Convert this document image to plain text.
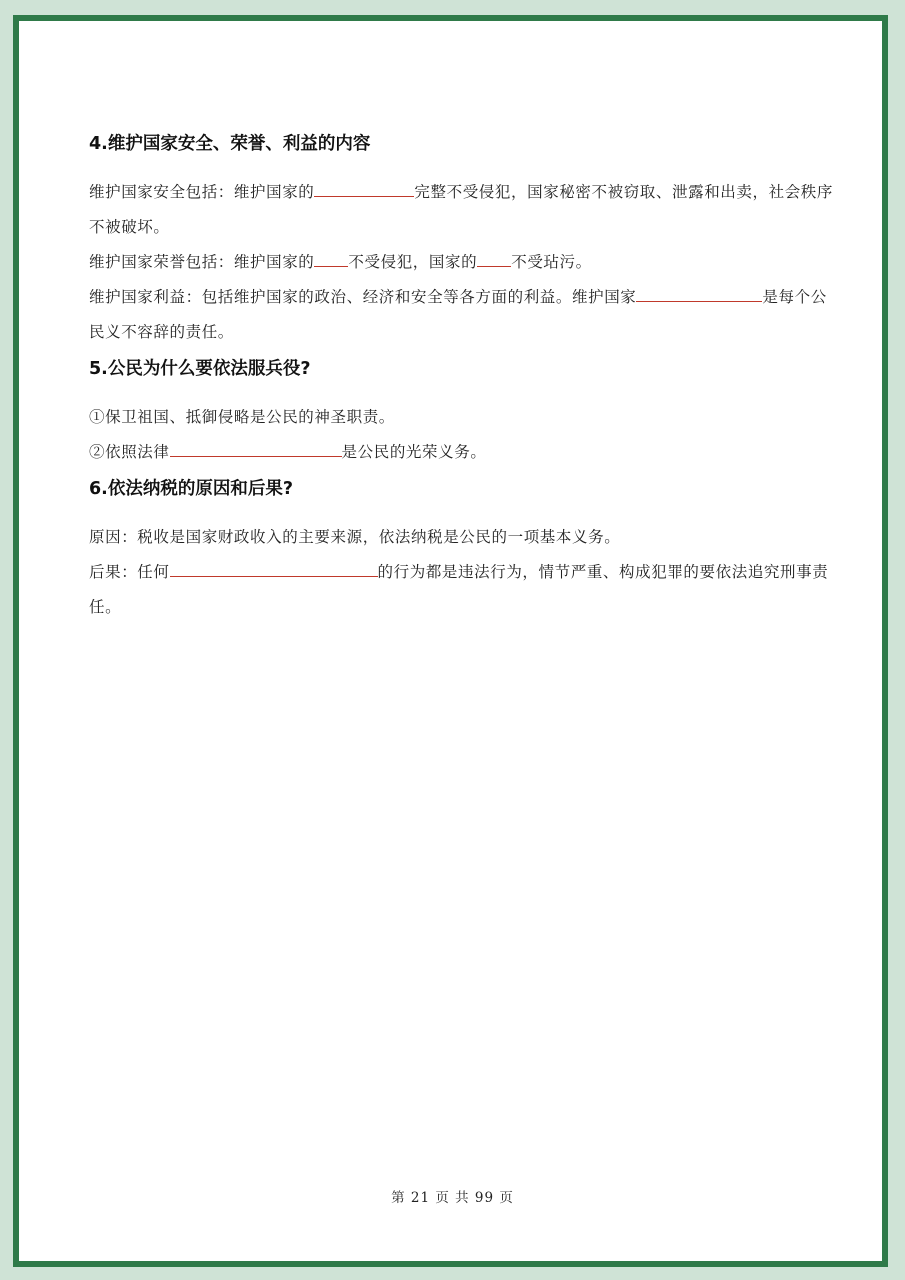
4.维护国家安全、荣誉、利益的内容

维护国家安全包括：维护国家的	完整不受侵犯，国家秘密不被窃取、泄露和出卖，社会秩序不被破坏。

维护国家荣誉包括：维护国家的 不受侵犯，国家的 不受玷污。

维护国家利益：包括维护国家的政治、经济和安全等各方面的利益。维护国家	是每个公民义不容辞的责任。

5.公民为什么要依法服兵役?

①保卫祖国、抵御侵略是公民的神圣职责。

②依照法律	是公民的光荣义务。

6.依法纳税的原因和后果?

原因：税收是国家财政收入的主要来源，依法纳税是公民的一项基本义务。

后果：任何	的行为都是违法行为，情节严重、构成犯罪的要依法追究刑事责任。

第 21 页 共 99 页
